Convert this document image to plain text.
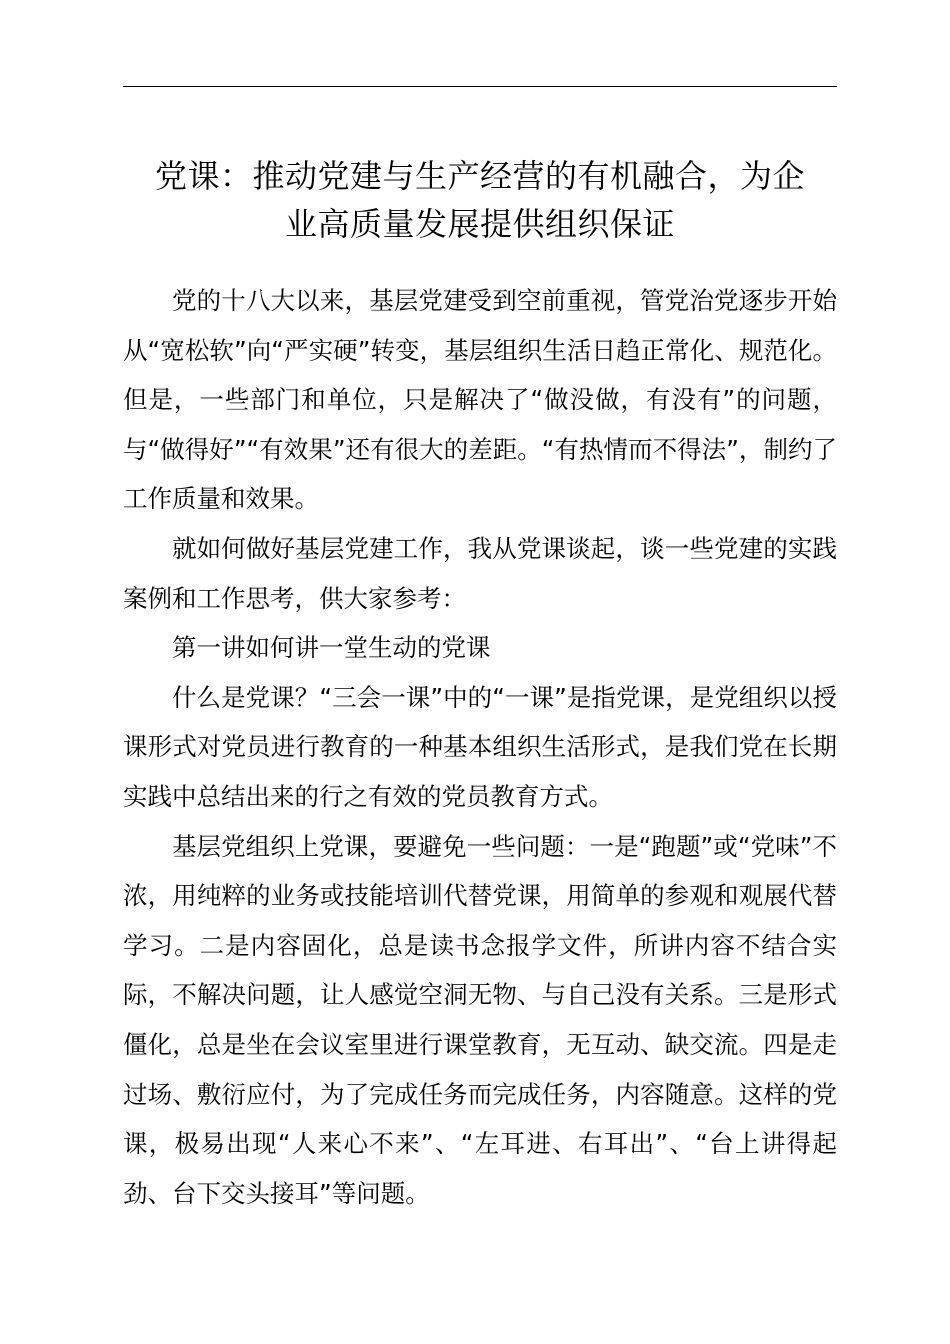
党课：推动党建与生产经营的有机融合，为企
业高质量发展提供组织保证

党的十八大以来，基层党建受到空前重视，管党治党逐步开始从“宽松软”向“严实硬”转变，基层组织生活日趋正常化、规范化。但是，一些部门和单位，只是解决了“做没做，有没有”的问题，与“做得好”“有效果”还有很大的差距。“有热情而不得法”，制约了工作质量和效果。

就如何做好基层党建工作，我从党课谈起，谈一些党建的实践案例和工作思考，供大家参考：

第一讲如何讲一堂生动的党课

什么是党课？“三会一课”中的“一课”是指党课，是党组织以授课形式对党员进行教育的一种基本组织生活形式，是我们党在长期实践中总结出来的行之有效的党员教育方式。

基层党组织上党课，要避免一些问题：一是“跑题”或“党味”不浓，用纯粹的业务或技能培训代替党课，用简单的参观和观展代替学习。二是内容固化，总是读书念报学文件，所讲内容不结合实际，不解决问题，让人感觉空洞无物、与自己没有关系。三是形式僵化，总是坐在会议室里进行课堂教育，无互动、缺交流。四是走过场、敷衍应付，为了完成任务而完成任务，内容随意。这样的党课，极易出现“人来心不来”、“左耳进、右耳出”、“台上讲得起劲、台下交头接耳”等问题。
